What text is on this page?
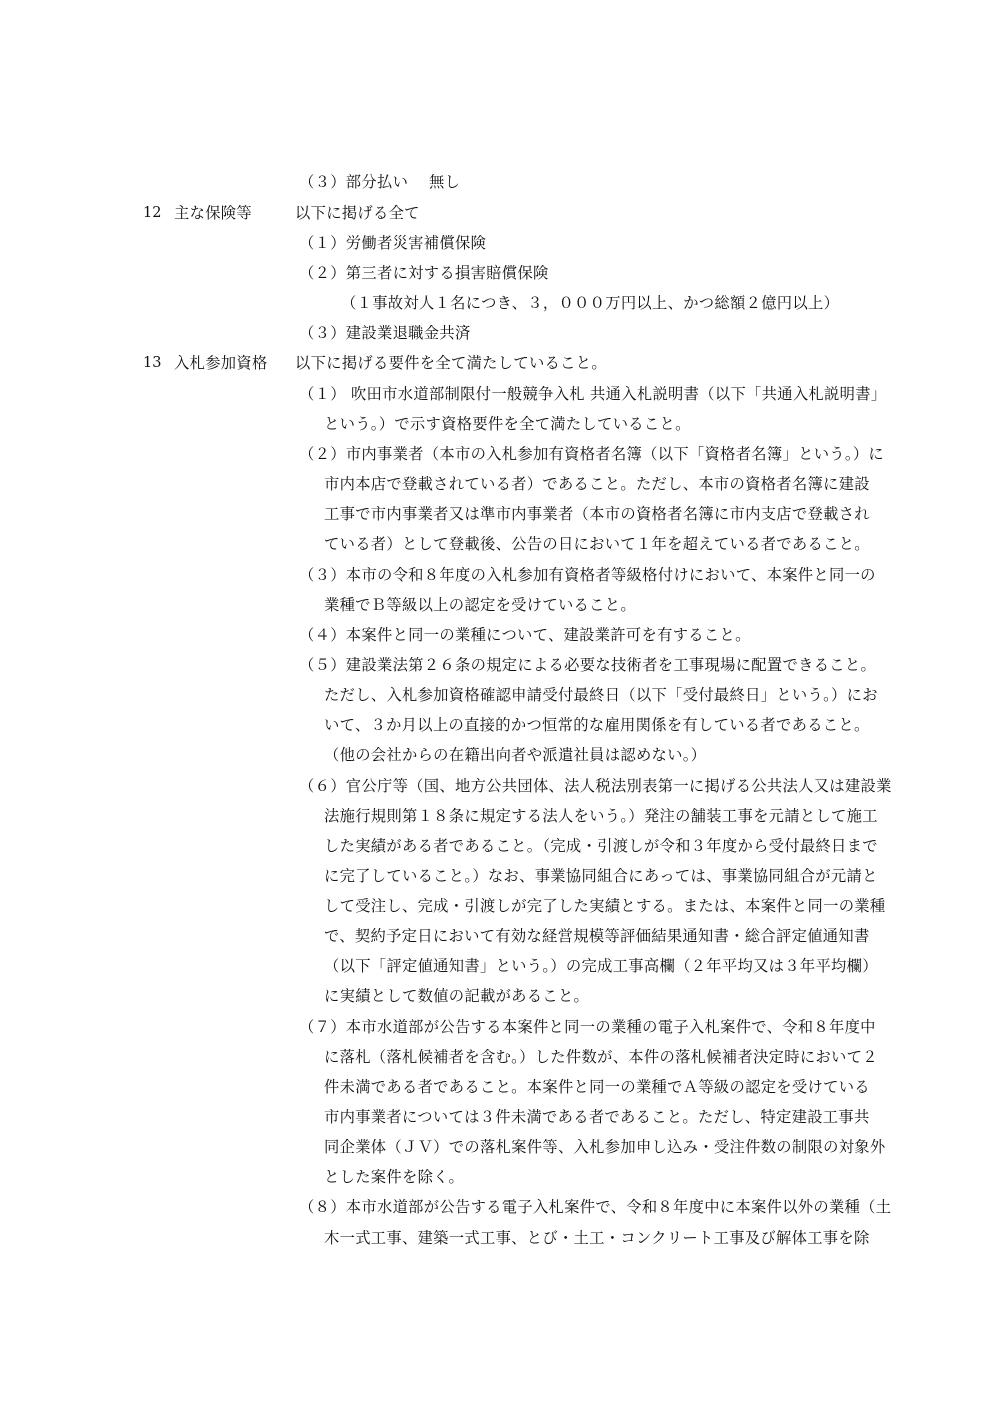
（３）部分払い 無し
12 主な保険等	以下に掲げる全て
（１）労働者災害補償保険
（２）第三者に対する損害賠償保険
（１事故対人１名につき、３，０００万円以上、かつ総額２億円以上）
（３）建設業退職金共済
13 入札参加資格 以下に掲げる要件を全て満たしていること。
（１） 吹田市水道部制限付一般競争入札 共通入札説明書（以下「共通入札説明書」
という。）で示す資格要件を全て満たしていること。
（２）市内事業者（本市の入札参加有資格者名簿（以下「資格者名簿」という。）に
市内本店で登載されている者）であること。ただし、本市の資格者名簿に建設
工事で市内事業者又は準市内事業者（本市の資格者名簿に市内支店で登載され
ている者）として登載後、公告の日において１年を超えている者であること。
（３）本市の令和８年度の入札参加有資格者等級格付けにおいて、本案件と同一の
業種でＢ等級以上の認定を受けていること。
（４）本案件と同一の業種について、建設業許可を有すること。
（５）建設業法第２６条の規定による必要な技術者を工事現場に配置できること。
ただし、入札参加資格確認申請受付最終日（以下「受付最終日」という。）にお
いて、３か月以上の直接的かつ恒常的な雇用関係を有している者であること。
（他の会社からの在籍出向者や派遣社員は認めない。）
（６）官公庁等（国、地方公共団体、法人税法別表第一に掲げる公共法人又は建設業
法施行規則第１８条に規定する法人をいう。）発注の舗装工事を元請として施工
した実績がある者であること。（完成・引渡しが令和３年度から受付最終日まで
に完了していること。）なお、事業協同組合にあっては、事業協同組合が元請と
して受注し、完成・引渡しが完了した実績とする。または、本案件と同一の業種
で、契約予定日において有効な経営規模等評価結果通知書・総合評定値通知書
（以下「評定値通知書」という。）の完成工事高欄（２年平均又は３年平均欄）
に実績として数値の記載があること。
（７）本市水道部が公告する本案件と同一の業種の電子入札案件で、令和８年度中
に落札（落札候補者を含む。）した件数が、本件の落札候補者決定時において２
件未満である者であること。本案件と同一の業種でＡ等級の認定を受けている
市内事業者については３件未満である者であること。ただし、特定建設工事共
同企業体（ＪＶ）での落札案件等、入札参加申し込み・受注件数の制限の対象外
とした案件を除く。
（８）本市水道部が公告する電子入札案件で、令和８年度中に本案件以外の業種（土
木一式工事、建築一式工事、とび・土工・コンクリート工事及び解体工事を除
